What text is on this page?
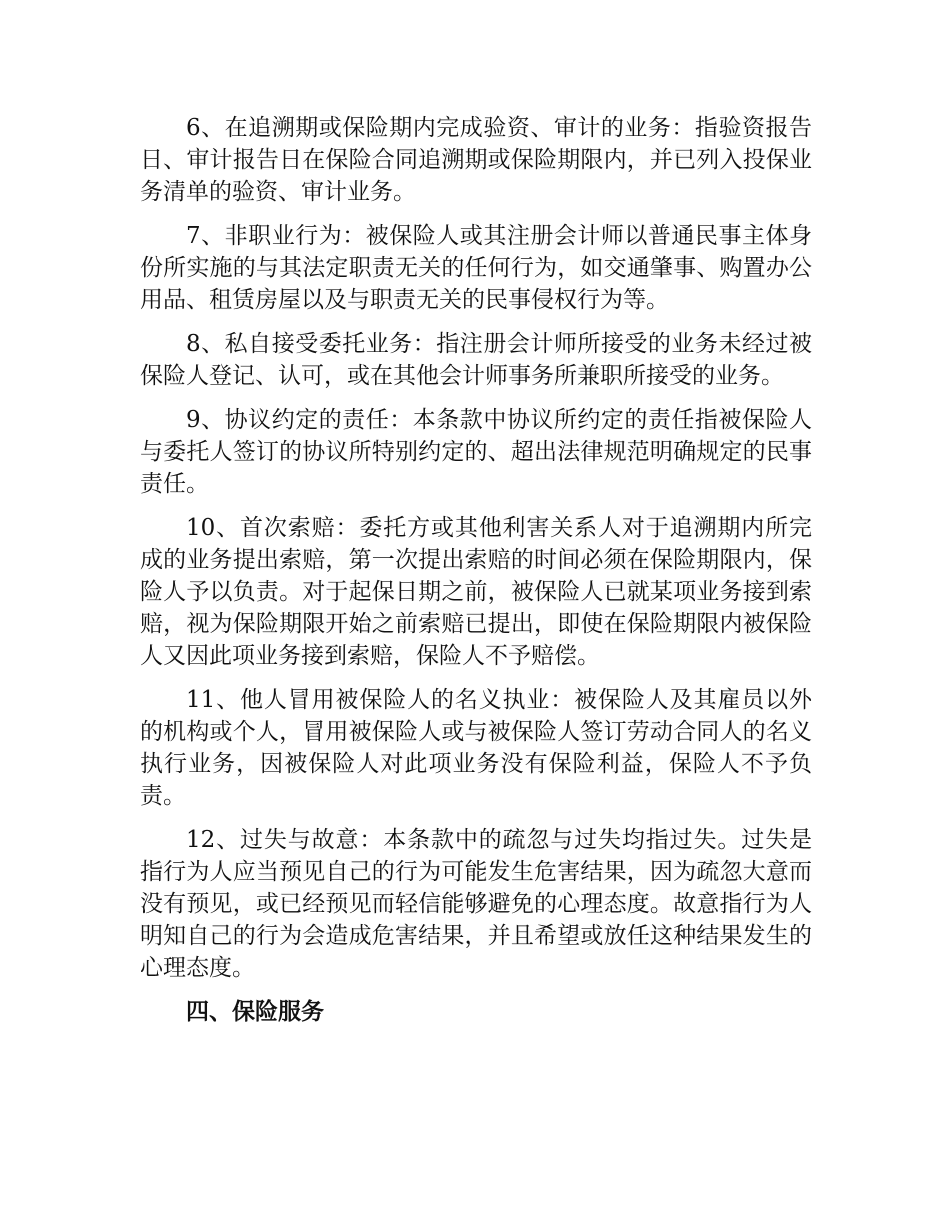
6、在追溯期或保险期内完成验资、审计的业务：指验资报告日、审计报告日在保险合同追溯期或保险期限内，并已列入投保业务清单的验资、审计业务。

7、非职业行为：被保险人或其注册会计师以普通民事主体身份所实施的与其法定职责无关的任何行为，如交通肇事、购置办公用品、租赁房屋以及与职责无关的民事侵权行为等。

8、私自接受委托业务：指注册会计师所接受的业务未经过被保险人登记、认可，或在其他会计师事务所兼职所接受的业务。

9、协议约定的责任：本条款中协议所约定的责任指被保险人与委托人签订的协议所特别约定的、超出法律规范明确规定的民事责任。

10、首次索赔：委托方或其他利害关系人对于追溯期内所完成的业务提出索赔，第一次提出索赔的时间必须在保险期限内，保险人予以负责。对于起保日期之前，被保险人已就某项业务接到索赔，视为保险期限开始之前索赔已提出，即使在保险期限内被保险人又因此项业务接到索赔，保险人不予赔偿。

11、他人冒用被保险人的名义执业：被保险人及其雇员以外的机构或个人，冒用被保险人或与被保险人签订劳动合同人的名义执行业务，因被保险人对此项业务没有保险利益，保险人不予负责。

12、过失与故意：本条款中的疏忽与过失均指过失。过失是指行为人应当预见自己的行为可能发生危害结果，因为疏忽大意而没有预见，或已经预见而轻信能够避免的心理态度。故意指行为人明知自己的行为会造成危害结果，并且希望或放任这种结果发生的心理态度。

四、保险服务
